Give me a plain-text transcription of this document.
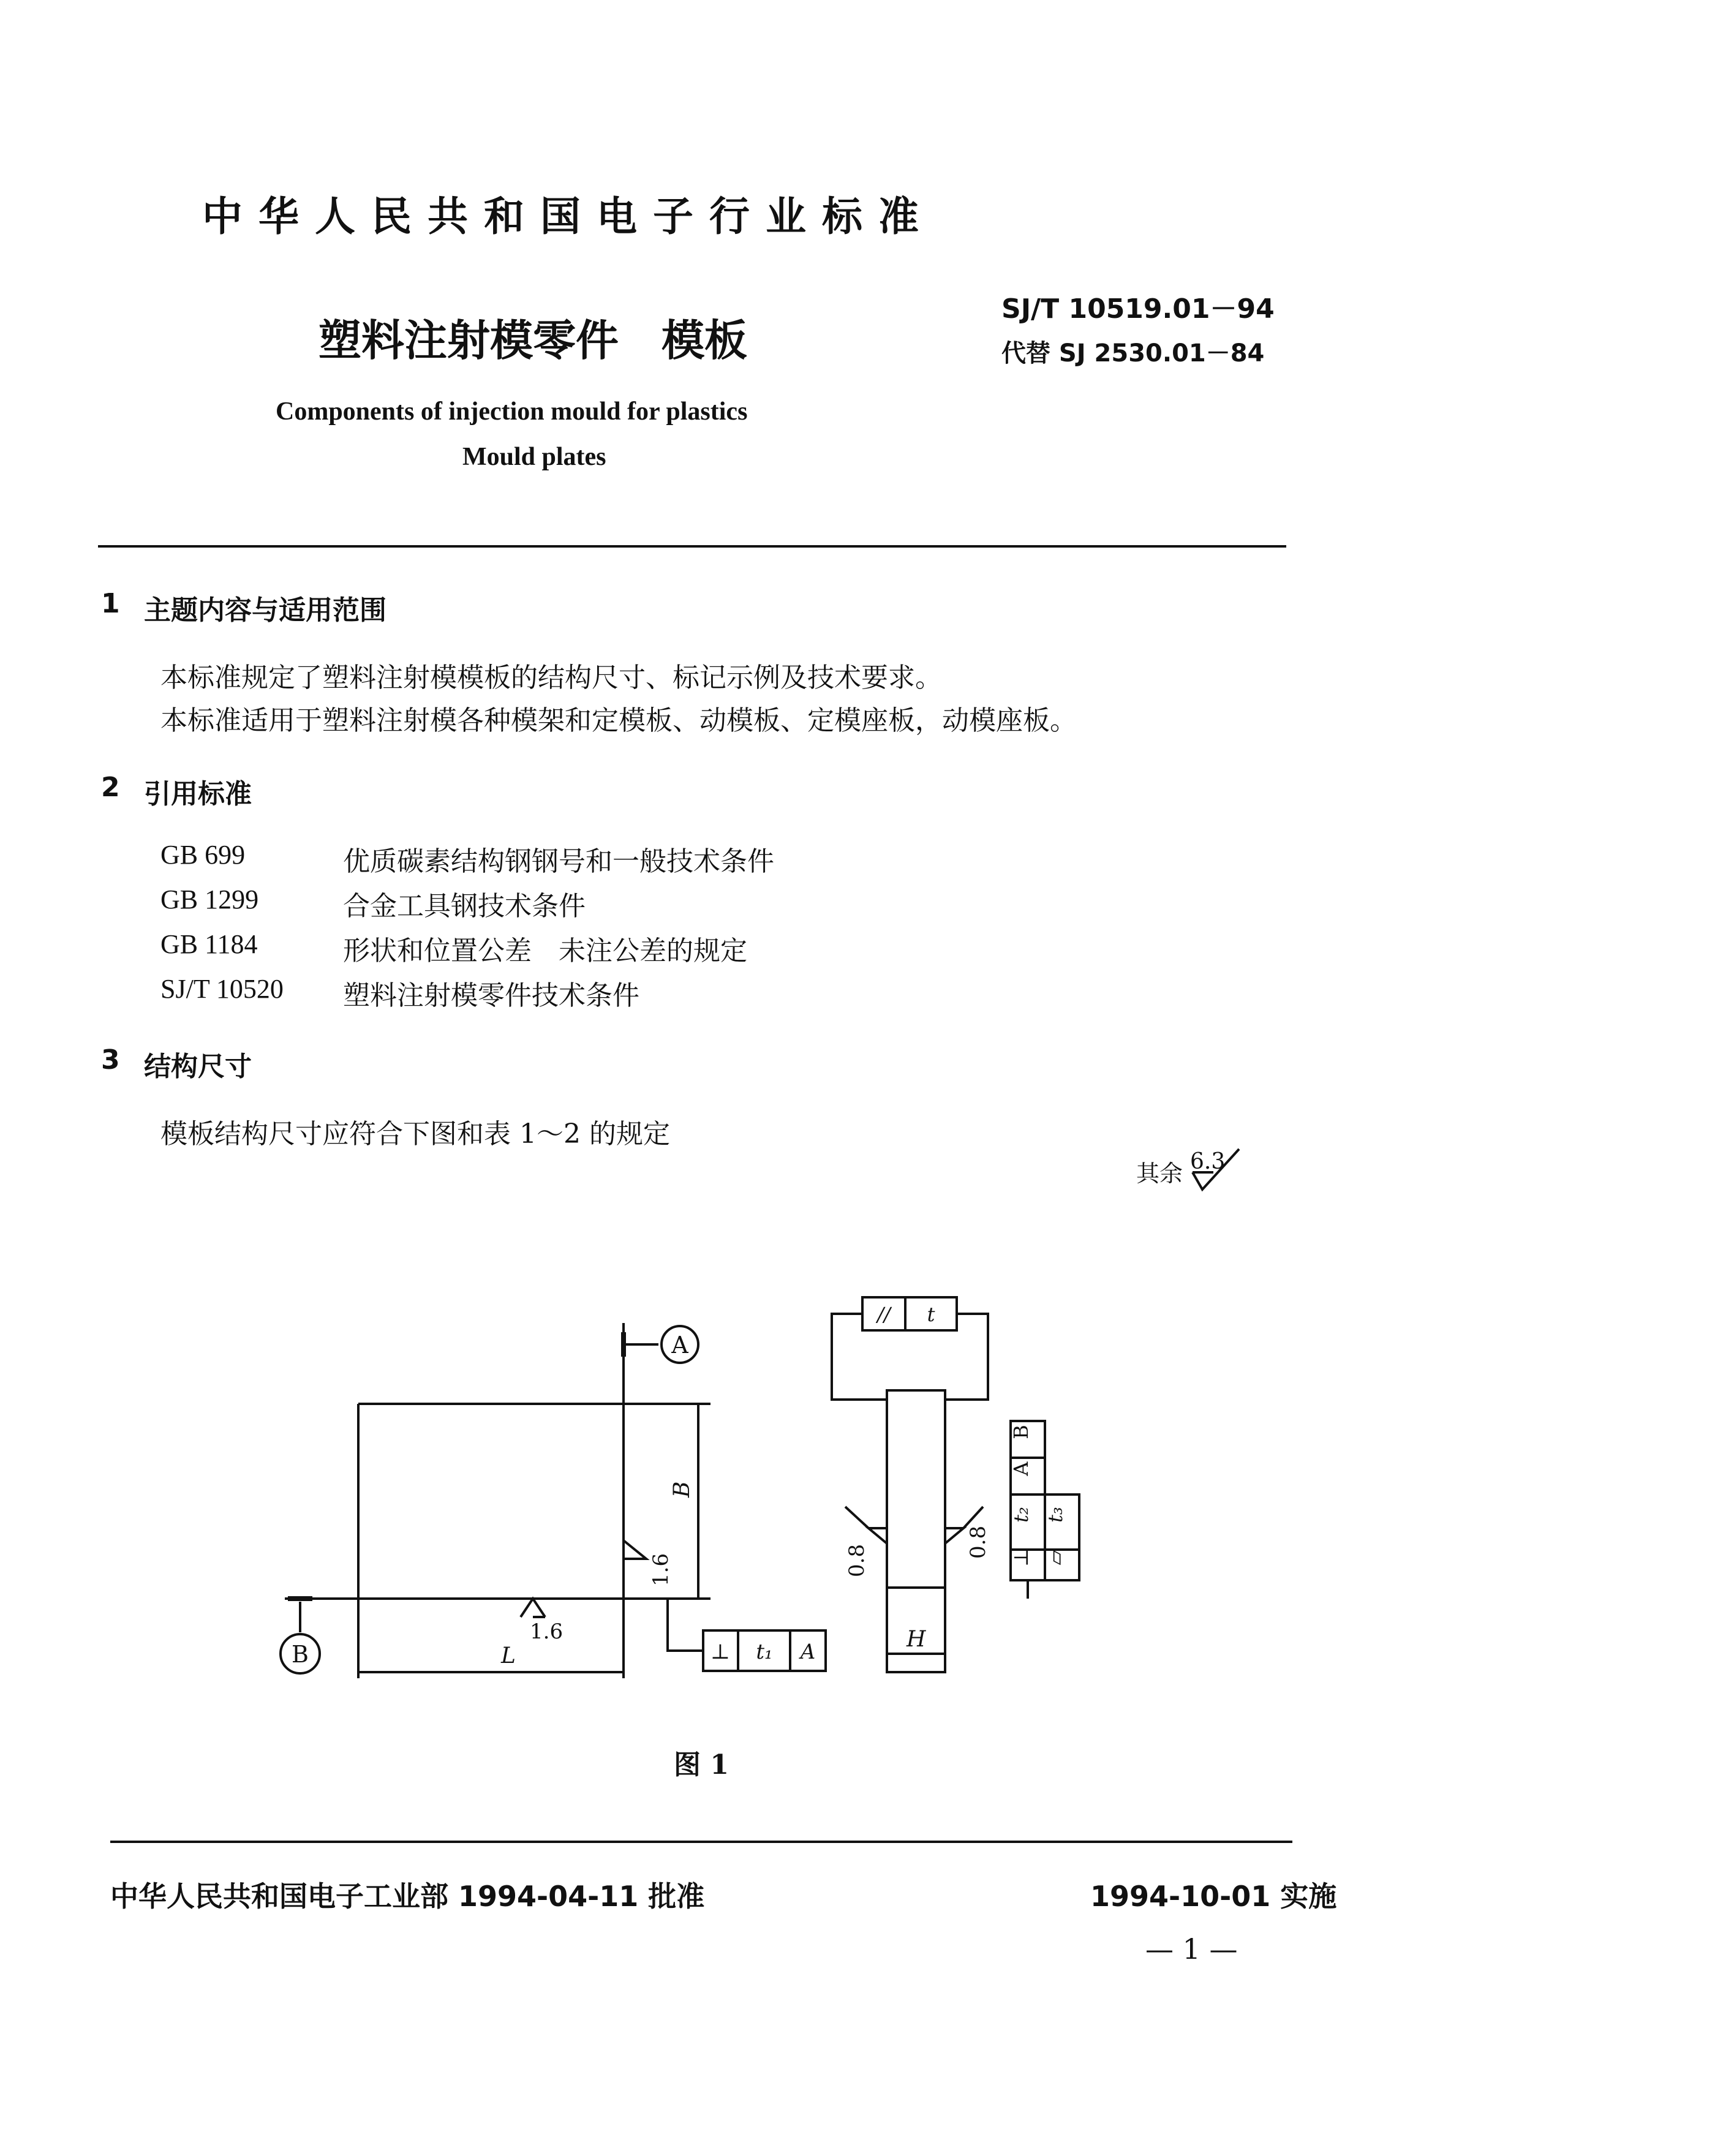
中华人民共和国电子行业标准
塑料注射模零件　模板
SJ/T 10519.01－94
代替 SJ 2530.01－84
Components of injection mould for plastics
Mould plates
1 主题内容与适用范围
本标准规定了塑料注射模模板的结构尺寸、标记示例及技术要求。
本标准适用于塑料注射模各种模架和定模板、动模板、定模座板，动模座板。
2 引用标准
GB 699	优质碳素结构钢钢号和一般技术条件
GB 1299	合金工具钢技术条件
GB 1184	形状和位置公差　未注公差的规定
SJ/T 10520 塑料注射模零件技术条件
3 结构尺寸
模板结构尺寸应符合下图和表 1～2 的规定
其余 6.3
A
B	L
B
H
1.6
1.6
0.8
0.8
⊥ t₁ A
// t
B
A
t₂
⊥
t₃
▱
图 1
中华人民共和国电子工业部 1994-04-11 批准	1994-10-01 实施
— 1 —
